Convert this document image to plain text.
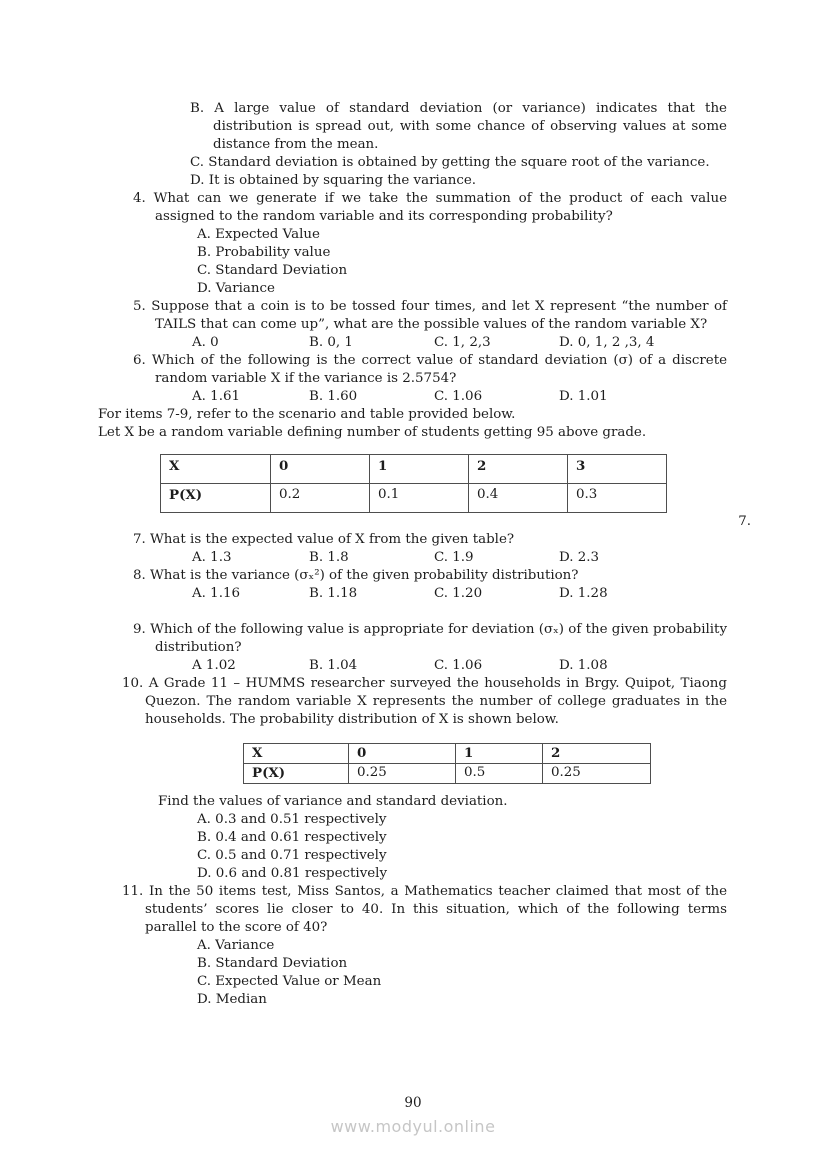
B. A large value of standard deviation (or variance) indicates that the distribution is spread out, with some chance of observing values at some distance from the mean.
C. Standard deviation is obtained by getting the square root of the variance.
D. It is obtained by squaring the variance.
4. What can we generate if we take the summation of the product of each value assigned to the random variable and its corresponding probability?
A. Expected Value
B. Probability value
C. Standard Deviation
D. Variance
5. Suppose that a coin is to be tossed four times, and let X represent “the number of TAILS that can come up”, what are the possible values of the random variable X?
A. 0	B. 0, 1	C. 1, 2,3	D. 0, 1, 2 ,3, 4
6. Which of the following is the correct value of standard deviation (σ) of a discrete random variable X if the variance is 2.5754?
A. 1.61	B. 1.60	C. 1.06	D. 1.01
For items 7-9, refer to the scenario and table provided below.
Let X be a random variable defining number of students getting 95 above grade.
X	0	1	2	3
P(X)	0.2	0.1	0.4	0.3
7.
7. What is the expected value of X from the given table?
A. 1.3	B. 1.8	C. 1.9	D. 2.3
8. What is the variance (σₓ²) of the given probability distribution?
A. 1.16	B. 1.18	C. 1.20	D. 1.28
9. Which of the following value is appropriate for deviation (σₓ) of the given probability distribution?
A 1.02	B. 1.04	C. 1.06	D. 1.08
10. A Grade 11 – HUMMS researcher surveyed the households in Brgy. Quipot, Tiaong Quezon. The random variable X represents the number of college graduates in the households. The probability distribution of X is shown below.
X	0	1	2
P(X)	0.25	0.5	0.25
Find the values of variance and standard deviation.
A. 0.3 and 0.51 respectively
B. 0.4 and 0.61 respectively
C. 0.5 and 0.71 respectively
D. 0.6 and 0.81 respectively
11. In the 50 items test, Miss Santos, a Mathematics teacher claimed that most of the students’ scores lie closer to 40. In this situation, which of the following terms parallel to the score of 40?
A. Variance
B. Standard Deviation
C. Expected Value or Mean
D. Median
90
www.modyul.online
